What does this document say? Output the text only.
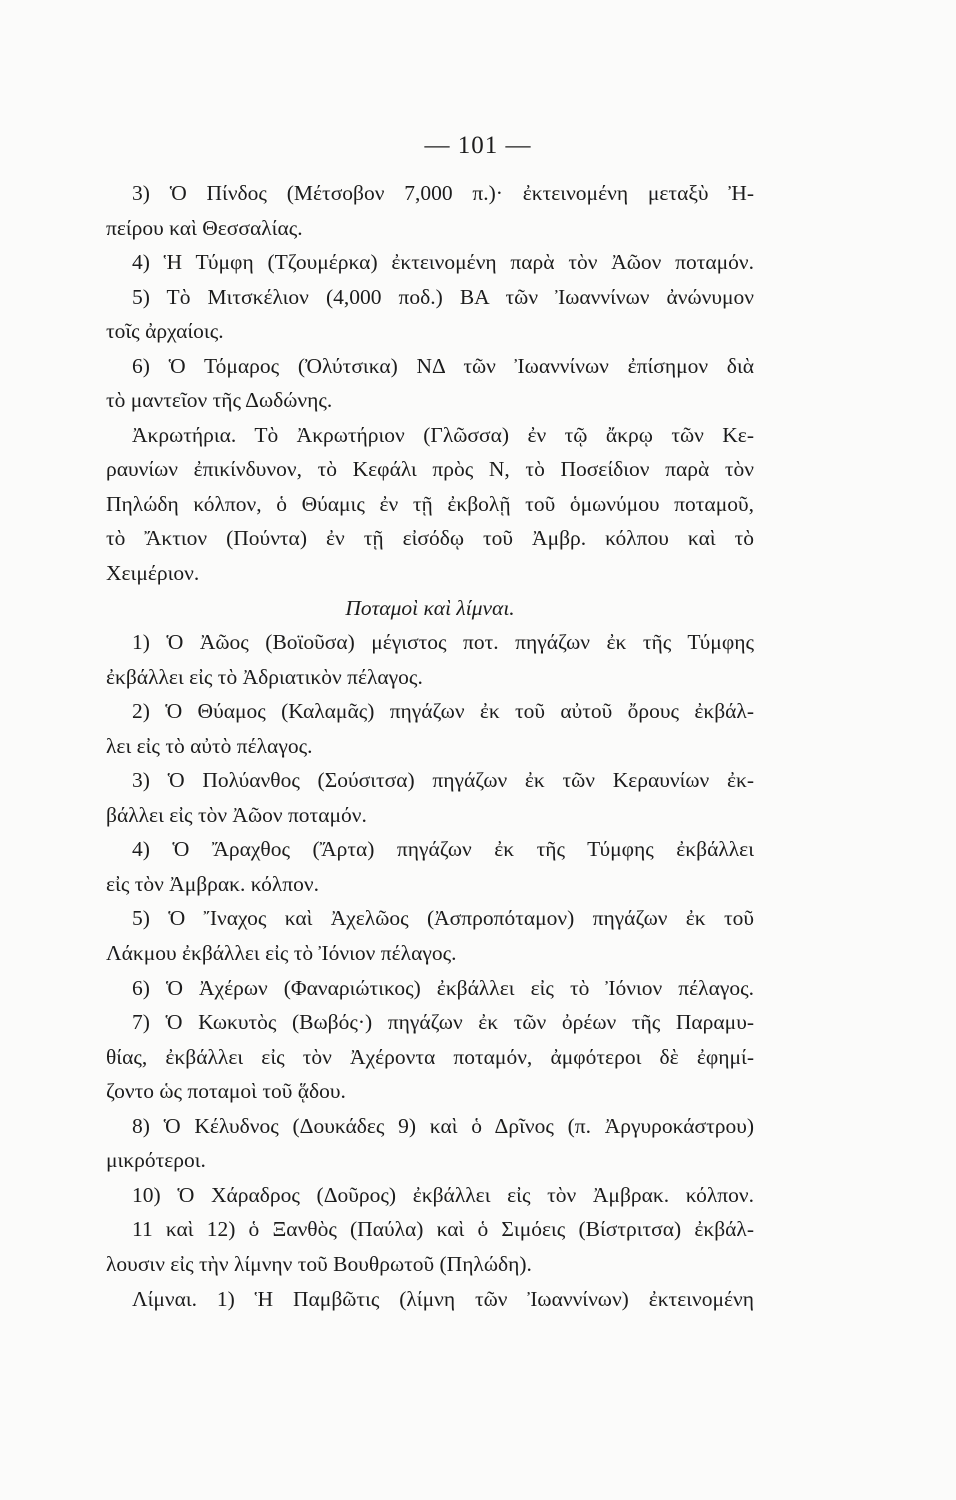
— 101 —
3) Ὁ Πίνδος (Μέτσοβον 7,000 π.)· ἐκτεινομένη μεταξὺ Ἠ-
πείρου καὶ Θεσσαλίας.
4) Ἡ Τύμφη (Τζουμέρκα) ἐκτεινομένη παρὰ τὸν Ἀῶον ποταμόν.
5) Τὸ Μιτσκέλιον (4,000 ποδ.) ΒΑ τῶν Ἰωαννίνων ἀνώνυμον
τοῖς ἀρχαίοις.
6) Ὁ Τόμαρος (Ὀλύτσικα) ΝΔ τῶν Ἰωαννίνων ἐπίσημον διὰ
τὸ μαντεῖον τῆς Δωδώνης.
Ἀκρωτήρια. Τὸ Ἀκρωτήριον (Γλῶσσα) ἐν τῷ ἄκρῳ τῶν Κε-
ραυνίων ἐπικίνδυνον, τὸ Κεφάλι πρὸς Ν, τὸ Ποσείδιον παρὰ τὸν
Πηλώδη κόλπον, ὁ Θύαμις ἐν τῇ ἐκβολῇ τοῦ ὁμωνύμου ποταμοῦ,
τὸ Ἄκτιον (Πούντα) ἐν τῇ εἰσόδῳ τοῦ Ἀμβρ. κόλπου καὶ τὸ
Χειμέριον.
Ποταμοὶ καὶ λίμναι.
1) Ὁ Ἀῶος (Βοϊοῦσα) μέγιστος ποτ. πηγάζων ἐκ τῆς Τύμφης
ἐκβάλλει εἰς τὸ Ἀδριατικὸν πέλαγος.
2) Ὁ Θύαμος (Καλαμᾶς) πηγάζων ἐκ τοῦ αὐτοῦ ὄρους ἐκβάλ-
λει εἰς τὸ αὐτὸ πέλαγος.
3) Ὁ Πολύανθος (Σούσιτσα) πηγάζων ἐκ τῶν Κεραυνίων ἐκ-
βάλλει εἰς τὸν Ἀῶον ποταμόν.
4) Ὁ Ἄραχθος (Ἄρτα) πηγάζων ἐκ τῆς Τύμφης ἐκβάλλει
εἰς τὸν Ἀμβρακ. κόλπον.
5) Ὁ Ἴναχος καὶ Ἀχελῶος (Ἀσπροπόταμον) πηγάζων ἐκ τοῦ
Λάκμου ἐκβάλλει εἰς τὸ Ἰόνιον πέλαγος.
6) Ὁ Ἀχέρων (Φαναριώτικος) ἐκβάλλει εἰς τὸ Ἰόνιον πέλαγος.
7) Ὁ Κωκυτὸς (Βωβός·) πηγάζων ἐκ τῶν ὀρέων τῆς Παραμυ-
θίας, ἐκβάλλει εἰς τὸν Ἀχέροντα ποταμόν, ἀμφότεροι δὲ ἐφημί-
ζοντο ὡς ποταμοὶ τοῦ ᾅδου.
8) Ὁ Κέλυδνος (Δουκάδες 9) καὶ ὁ Δρῖνος (π. Ἀργυροκάστρου)
μικρότεροι.
10) Ὁ Χάραδρος (Δοῦρος) ἐκβάλλει εἰς τὸν Ἀμβρακ. κόλπον.
11 καὶ 12) ὁ Ξανθὸς (Παύλα) καὶ ὁ Σιμόεις (Βίστριτσα) ἐκβάλ-
λουσιν εἰς τὴν λίμνην τοῦ Βουθρωτοῦ (Πηλώδη).
Λίμναι. 1) Ἡ Παμβῶτις (λίμνη τῶν Ἰωαννίνων) ἐκτεινομένη
